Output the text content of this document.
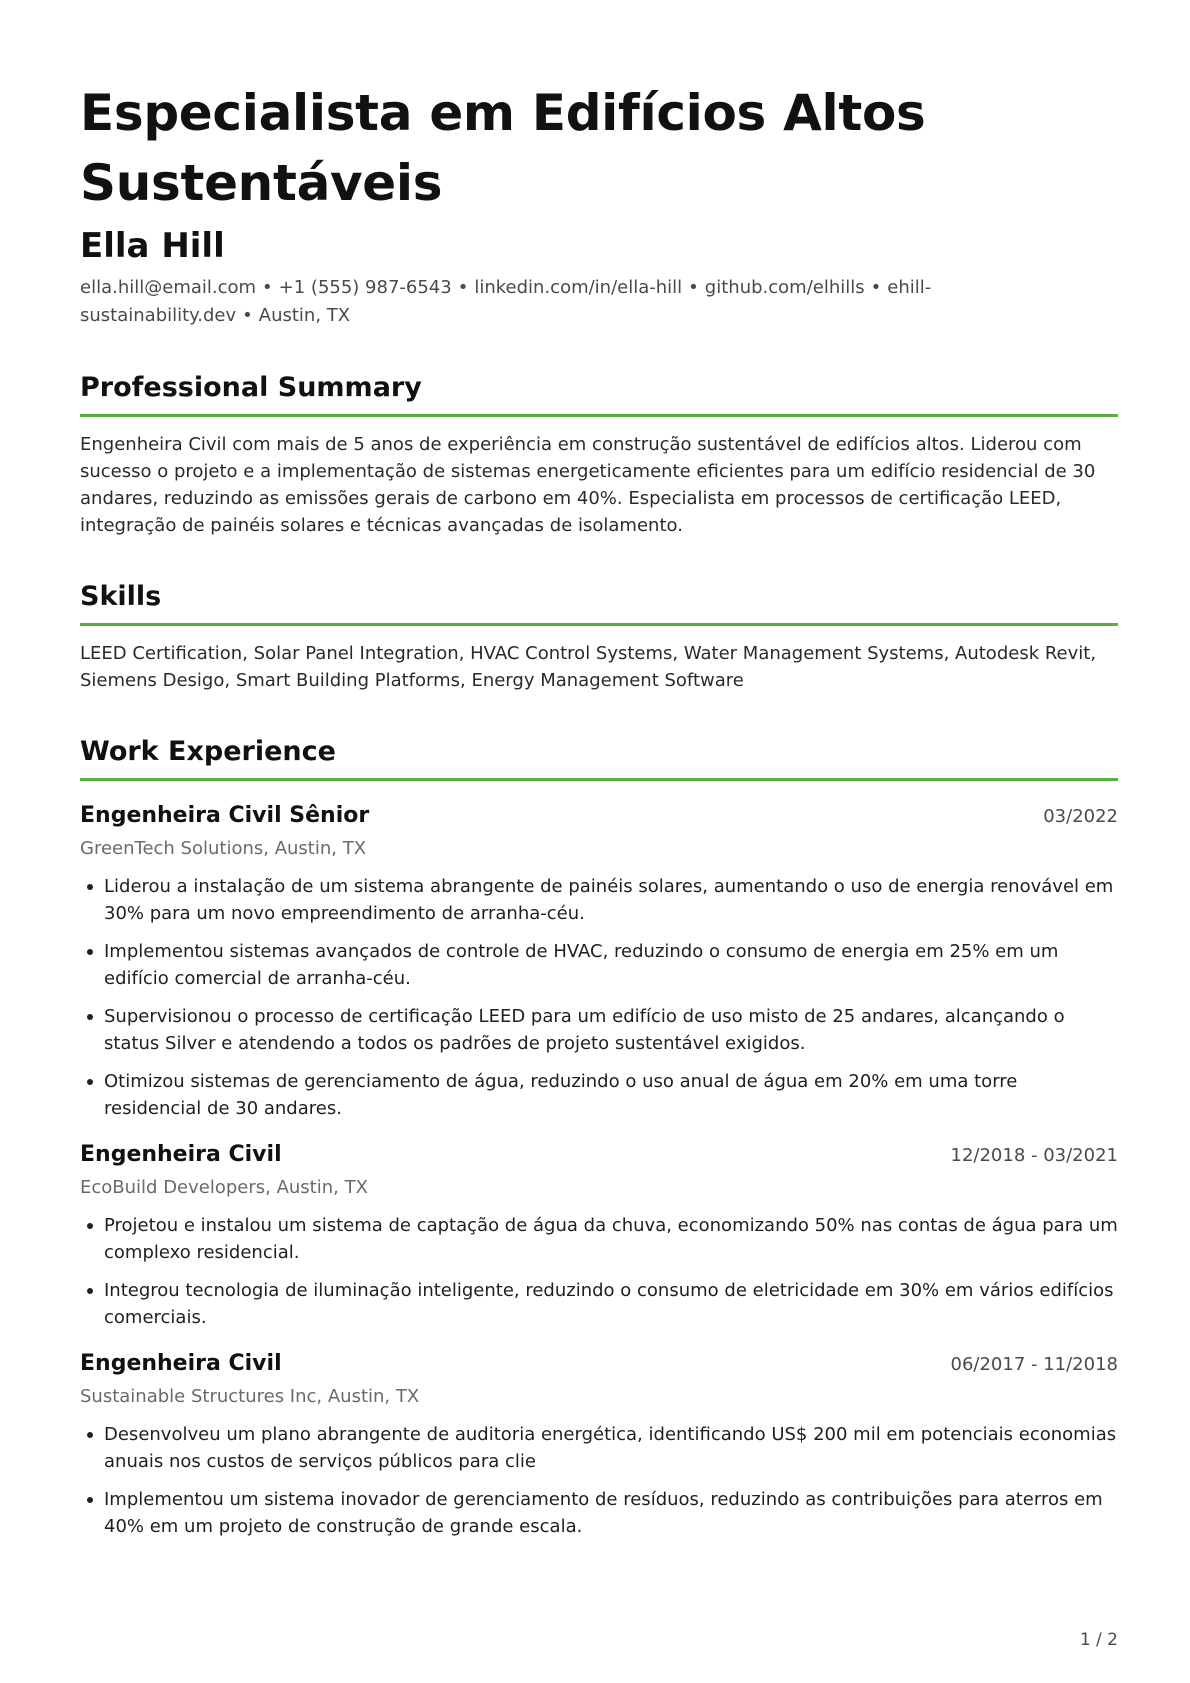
Especialista em Edifícios Altos Sustentáveis
Ella Hill
ella.hill@email.com • +1 (555) 987-6543 • linkedin.com/in/ella-hill • github.com/elhills • ehill-sustainability.dev • Austin, TX
Professional Summary
Engenheira Civil com mais de 5 anos de experiência em construção sustentável de edifícios altos. Liderou com sucesso o projeto e a implementação de sistemas energeticamente eficientes para um edifício residencial de 30 andares, reduzindo as emissões gerais de carbono em 40%. Especialista em processos de certificação LEED, integração de painéis solares e técnicas avançadas de isolamento.
Skills
LEED Certification, Solar Panel Integration, HVAC Control Systems, Water Management Systems, Autodesk Revit, Siemens Desigo, Smart Building Platforms, Energy Management Software
Work Experience
Engenheira Civil Sênior	03/2022
GreenTech Solutions, Austin, TX
Liderou a instalação de um sistema abrangente de painéis solares, aumentando o uso de energia renovável em 30% para um novo empreendimento de arranha-céu.
Implementou sistemas avançados de controle de HVAC, reduzindo o consumo de energia em 25% em um edifício comercial de arranha-céu.
Supervisionou o processo de certificação LEED para um edifício de uso misto de 25 andares, alcançando o status Silver e atendendo a todos os padrões de projeto sustentável exigidos.
Otimizou sistemas de gerenciamento de água, reduzindo o uso anual de água em 20% em uma torre residencial de 30 andares.
Engenheira Civil	12/2018 - 03/2021
EcoBuild Developers, Austin, TX
Projetou e instalou um sistema de captação de água da chuva, economizando 50% nas contas de água para um complexo residencial.
Integrou tecnologia de iluminação inteligente, reduzindo o consumo de eletricidade em 30% em vários edifícios comerciais.
Engenheira Civil	06/2017 - 11/2018
Sustainable Structures Inc, Austin, TX
Desenvolveu um plano abrangente de auditoria energética, identificando US$ 200 mil em potenciais economias anuais nos custos de serviços públicos para clie
Implementou um sistema inovador de gerenciamento de resíduos, reduzindo as contribuições para aterros em 40% em um projeto de construção de grande escala.
1 / 2
